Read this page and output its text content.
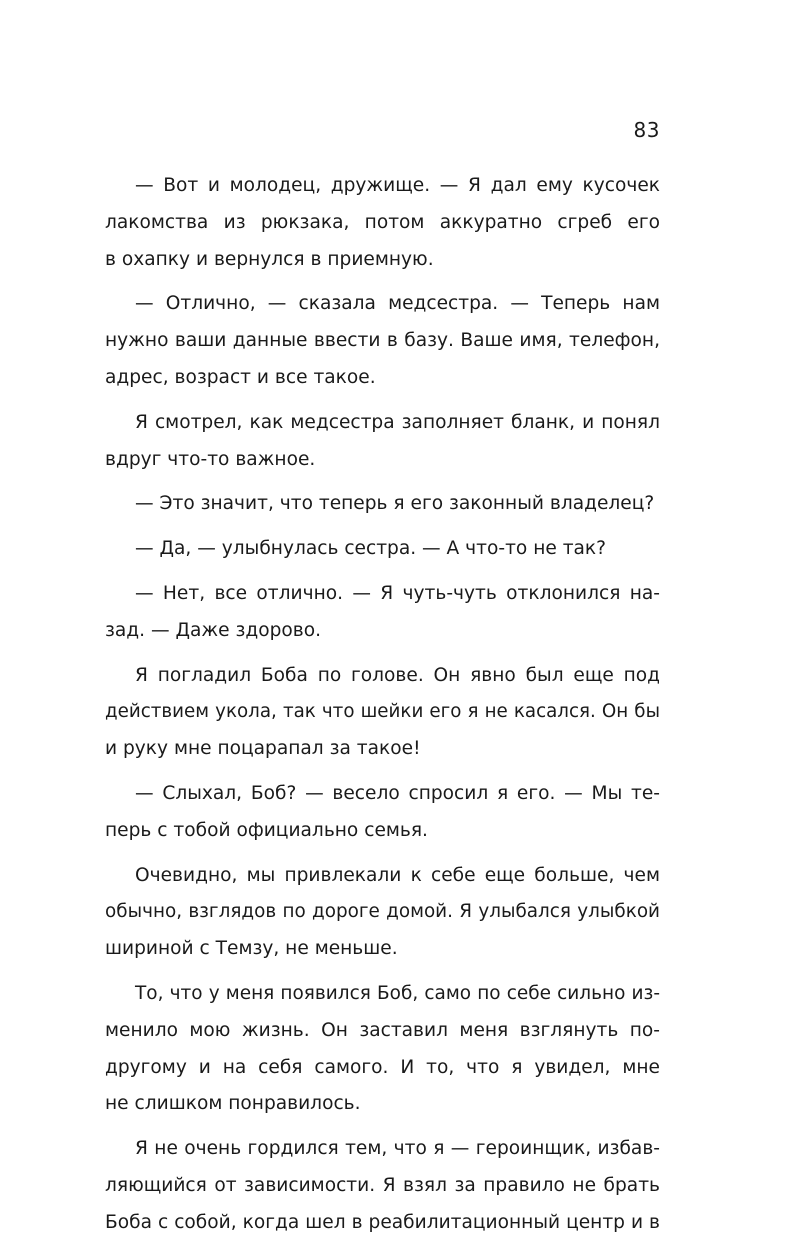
83

— Вот и молодец, дружище. — Я дал ему кусочек
лакомства из рюкзака, потом аккуратно сгреб его
в охапку и вернулся в приемную.

— Отлично, — сказала медсестра. — Теперь нам
нужно ваши данные ввести в базу. Ваше имя, телефон,
адрес, возраст и все такое.

Я смотрел, как медсестра заполняет бланк, и понял
вдруг что-то важное.

— Это значит, что теперь я его законный владелец?

— Да, — улыбнулась сестра. — А что-то не так?

— Нет, все отлично. — Я чуть-чуть отклонился на-
зад. — Даже здорово.

Я погладил Боба по голове. Он явно был еще под
действием укола, так что шейки его я не касался. Он бы
и руку мне поцарапал за такое!

— Слыхал, Боб? — весело спросил я его. — Мы те-
перь с тобой официально семья.

Очевидно, мы привлекали к себе еще больше, чем
обычно, взглядов по дороге домой. Я улыбался улыбкой
шириной с Темзу, не меньше.

То, что у меня появился Боб, само по себе сильно из-
менило мою жизнь. Он заставил меня взглянуть по-
другому и на себя самого. И то, что я увидел, мне
не слишком понравилось.

Я не очень гордился тем, что я — героинщик, избав-
ляющийся от зависимости. Я взял за правило не брать
Боба с собой, когда шел в реабилитационный центр и в
